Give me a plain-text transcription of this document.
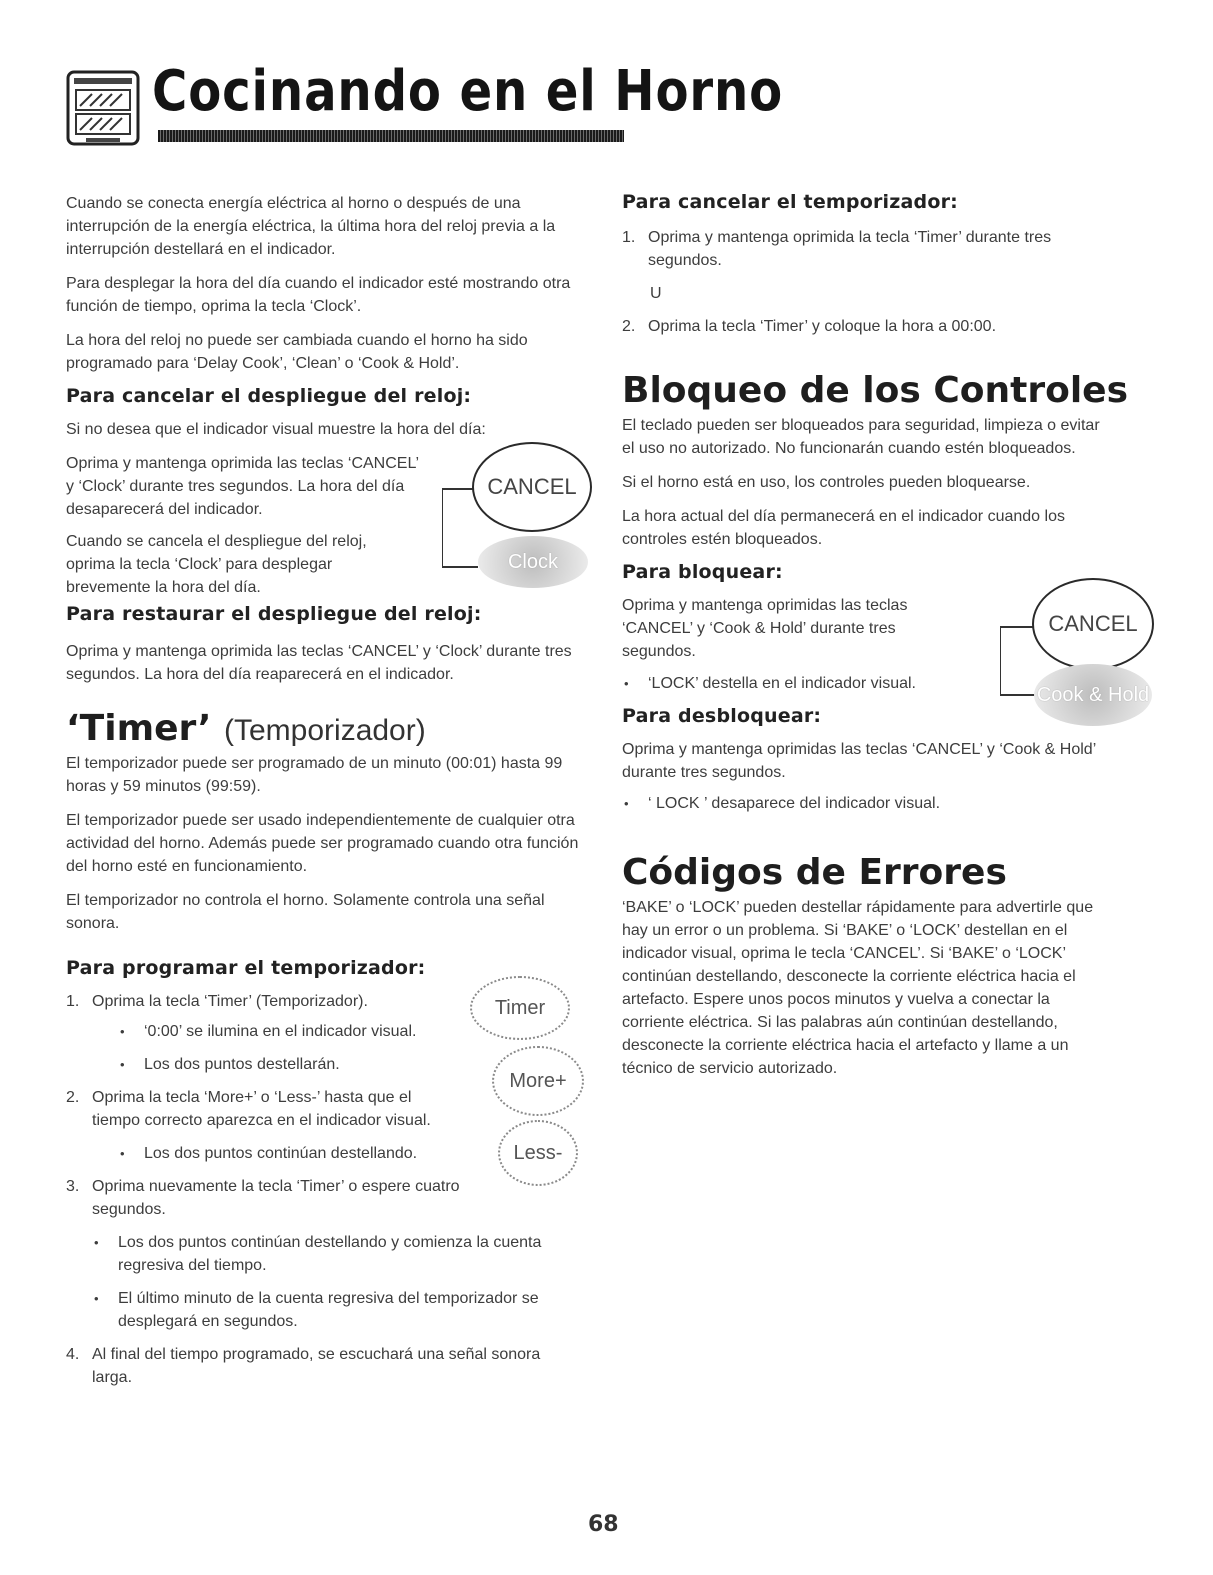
Cocinando en el Horno

Cuando se conecta energía eléctrica al horno o después de una interrupción de la energía eléctrica, la última hora del reloj previa a la interrupción destellará en el indicador.

Para desplegar la hora del día cuando el indicador esté mostrando otra función de tiempo, oprima la tecla ‘Clock’.

La hora del reloj no puede ser cambiada cuando el horno ha sido programado para ‘Delay Cook’, ‘Clean’ o ‘Cook & Hold’.

Para cancelar el despliegue del reloj:

Si no desea que el indicador visual muestre la hora del día:

Oprima y mantenga oprimida las teclas ‘CANCEL’ y ‘Clock’ durante tres segundos. La hora del día desaparecerá del indicador.

Cuando se cancela el despliegue del reloj, oprima la tecla ‘Clock’ para desplegar brevemente la hora del día.

CANCEL
Clock
Para restaurar el despliegue del reloj:

Oprima y mantenga oprimida las teclas ‘CANCEL’ y ‘Clock’ durante tres segundos. La hora del día reaparecerá en el indicador.

‘Timer’ (Temporizador)

El temporizador puede ser programado de un minuto (00:01) hasta 99 horas y 59 minutos (99:59).

El temporizador puede ser usado independientemente de cualquier otra actividad del horno. Además puede ser programado cuando otra función del horno esté en funcionamiento.

El temporizador no controla el horno. Solamente controla una señal sonora.

Para programar el temporizador:
1. Oprima la tecla ‘Timer’ (Temporizador).
• ‘0:00’ se ilumina en el indicador visual.
• Los dos puntos destellarán.
2. Oprima la tecla ‘More+’ o ‘Less-’ hasta que el tiempo correcto aparezca en el indicador visual.
• Los dos puntos continúan destellando.
3. Oprima nuevamente la tecla ‘Timer’ o espere cuatro segundos.
• Los dos puntos continúan destellando y comienza la cuenta regresiva del tiempo.
• El último minuto de la cuenta regresiva del temporizador se desplegará en segundos.
4. Al final del tiempo programado, se escuchará una señal sonora larga.
Timer
More+
Less-
Para cancelar el temporizador:
1. Oprima y mantenga oprimida la tecla ‘Timer’ durante tres segundos.
U
2. Oprima la tecla ‘Timer’ y coloque la hora a 00:00.
Bloqueo de los Controles

El teclado pueden ser bloqueados para seguridad, limpieza o evitar el uso no autorizado. No funcionarán cuando estén bloqueados.

Si el horno está en uso, los controles pueden bloquearse.

La hora actual del día permanecerá en el indicador cuando los controles estén bloqueados.

Para bloquear:

Oprima y mantenga oprimidas las teclas ‘CANCEL’ y ‘Cook & Hold’ durante tres segundos.

• ‘LOCK’ destella en el indicador visual.
CANCEL
Cook & Hold
Para desbloquear:

Oprima y mantenga oprimidas las teclas ‘CANCEL’ y ‘Cook & Hold’ durante tres segundos.

• ‘ LOCK ’ desaparece del indicador visual.
Códigos de Errores

‘BAKE’ o ‘LOCK’ pueden destellar rápidamente para advertirle que hay un error o un problema. Si ‘BAKE’ o ‘LOCK’ destellan en el indicador visual, oprima le tecla ‘CANCEL’. Si ‘BAKE’ o ‘LOCK’ continúan destellando, desconecte la corriente eléctrica hacia el artefacto. Espere unos pocos minutos y vuelva a conectar la corriente eléctrica. Si las palabras aún continúan destellando, desconecte la corriente eléctrica hacia el artefacto y llame a un técnico de servicio autorizado.

68
